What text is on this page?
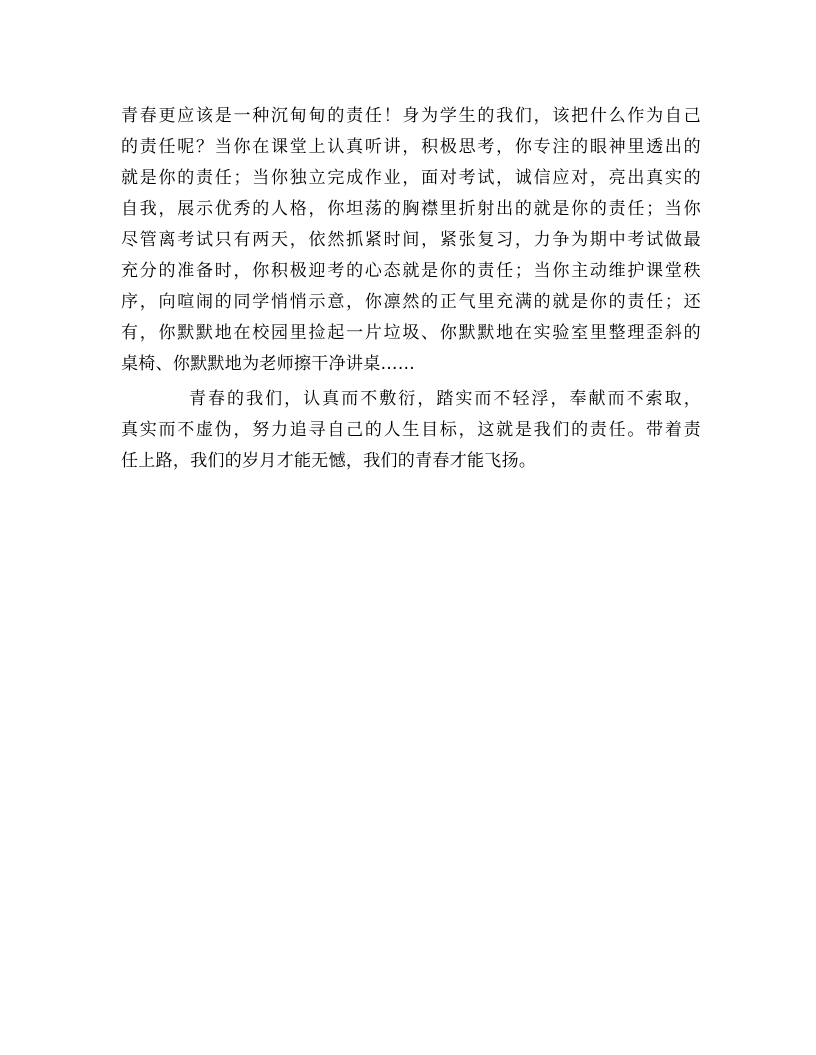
青春更应该是一种沉甸甸的责任！身为学生的我们，该把什么作为自己
的责任呢？当你在课堂上认真听讲，积极思考，你专注的眼神里透出的
就是你的责任；当你独立完成作业，面对考试，诚信应对，亮出真实的
自我，展示优秀的人格，你坦荡的胸襟里折射出的就是你的责任；当你
尽管离考试只有两天，依然抓紧时间，紧张复习，力争为期中考试做最
充分的准备时，你积极迎考的心态就是你的责任；当你主动维护课堂秩
序，向喧闹的同学悄悄示意，你凛然的正气里充满的就是你的责任；还
有，你默默地在校园里捡起一片垃圾、你默默地在实验室里整理歪斜的
桌椅、你默默地为老师擦干净讲桌……
青春的我们，认真而不敷衍，踏实而不轻浮，奉献而不索取，
真实而不虚伪，努力追寻自己的人生目标，这就是我们的责任。带着责
任上路，我们的岁月才能无憾，我们的青春才能飞扬。
